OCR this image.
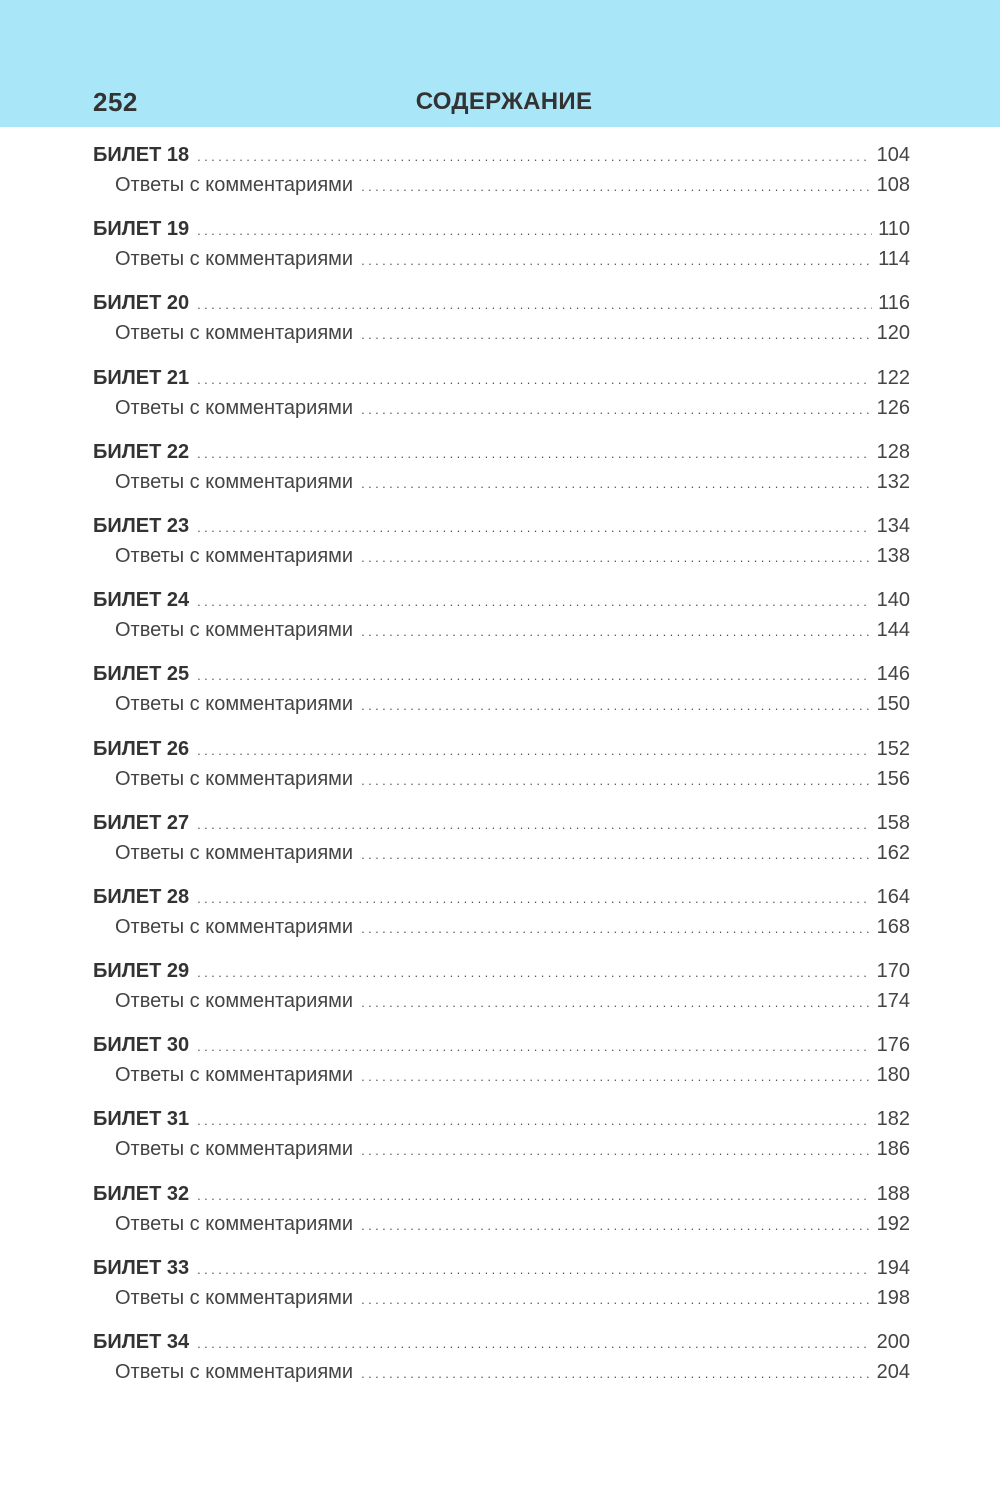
252	СОДЕРЖАНИЕ
БИЛЕТ 18 .....	104
Ответы с комментариями .....	108
БИЛЕТ 19 .....	110
Ответы с комментариями .....	114
БИЛЕТ 20 .....	116
Ответы с комментариями .....	120
БИЛЕТ 21 .....	122
Ответы с комментариями .....	126
БИЛЕТ 22 .....	128
Ответы с комментариями .....	132
БИЛЕТ 23 .....	134
Ответы с комментариями .....	138
БИЛЕТ 24 .....	140
Ответы с комментариями .....	144
БИЛЕТ 25 .....	146
Ответы с комментариями .....	150
БИЛЕТ 26 .....	152
Ответы с комментариями .....	156
БИЛЕТ 27 .....	158
Ответы с комментариями .....	162
БИЛЕТ 28 .....	164
Ответы с комментариями .....	168
БИЛЕТ 29 .....	170
Ответы с комментариями .....	174
БИЛЕТ 30 .....	176
Ответы с комментариями .....	180
БИЛЕТ 31 .....	182
Ответы с комментариями .....	186
БИЛЕТ 32 .....	188
Ответы с комментариями .....	192
БИЛЕТ 33 .....	194
Ответы с комментариями .....	198
БИЛЕТ 34 .....	200
Ответы с комментариями .....	204
